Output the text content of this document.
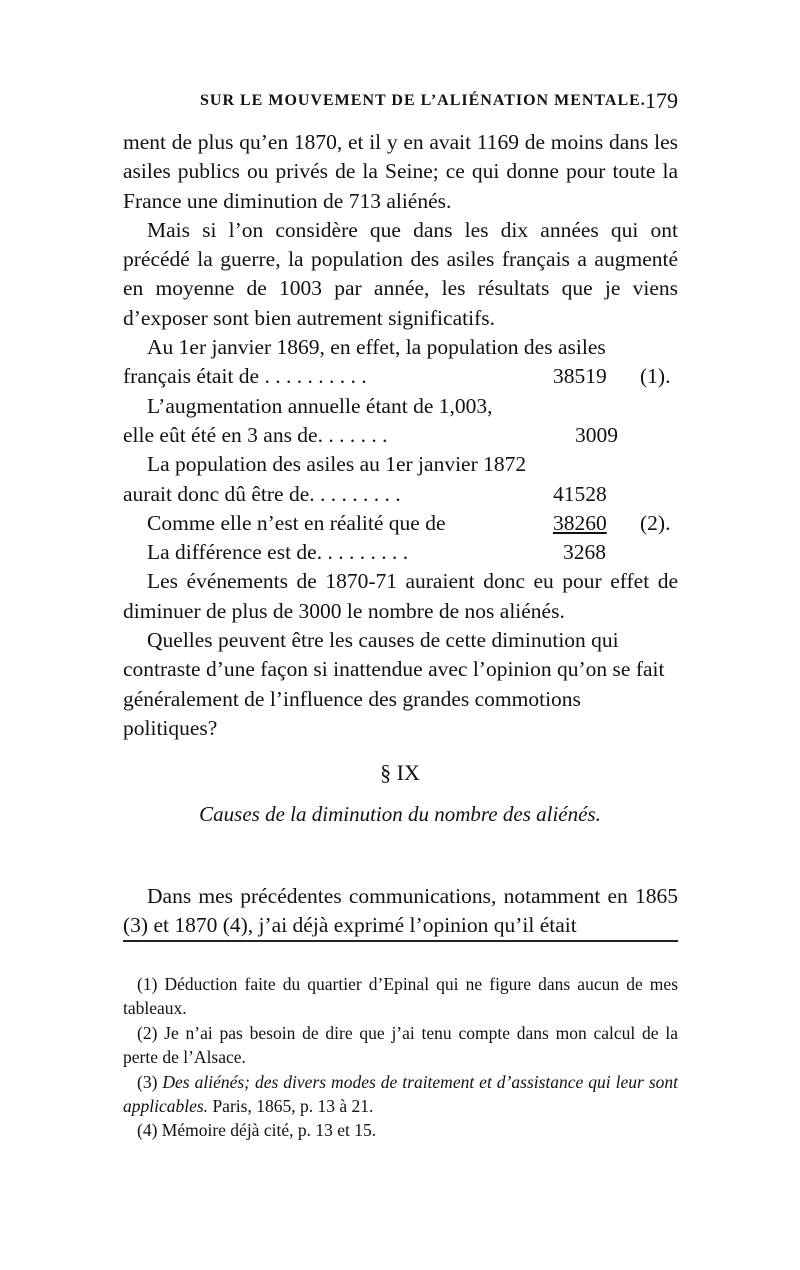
SUR LE MOUVEMENT DE L’ALIÉNATION MENTALE. 179

ment de plus qu’en 1870, et il y en avait 1169 de moins dans les asiles publics ou privés de la Seine; ce qui donne pour toute la France une diminution de 713 aliénés.

Mais si l’on considère que dans les dix années qui ont précédé la guerre, la population des asiles français a augmenté en moyenne de 1003 par année, les résultats que je viens d’exposer sont bien autrement significatifs.

Au 1er janvier 1869, en effet, la population des asiles

français était de . . . . . . . . . .	38519 (1).
L’augmentation annuelle étant de 1,003,
elle eût été en 3 ans de. . . . . . .	3009
La population des asiles au 1er janvier 1872
aurait donc dû être de. . . . . . . . .	41528
Comme elle n’est en réalité que de	38260 (2).
La différence est de. . . . . . . . .	3268

Les événements de 1870-71 auraient donc eu pour effet de diminuer de plus de 3000 le nombre de nos aliénés.

Quelles peuvent être les causes de cette diminution qui contraste d’une façon si inattendue avec l’opinion qu’on se fait généralement de l’influence des grandes commotions politiques?

§ IX
Causes de la diminution du nombre des aliénés.

Dans mes précédentes communications, notamment en 1865 (3) et 1870 (4), j’ai déjà exprimé l’opinion qu’il était

(1) Déduction faite du quartier d’Epinal qui ne figure dans aucun de mes tableaux.

(2) Je n’ai pas besoin de dire que j’ai tenu compte dans mon calcul de la perte de l’Alsace.

(3) Des aliénés; des divers modes de traitement et d’assistance qui leur sont applicables. Paris, 1865, p. 13 à 21.

(4) Mémoire déjà cité, p. 13 et 15.
